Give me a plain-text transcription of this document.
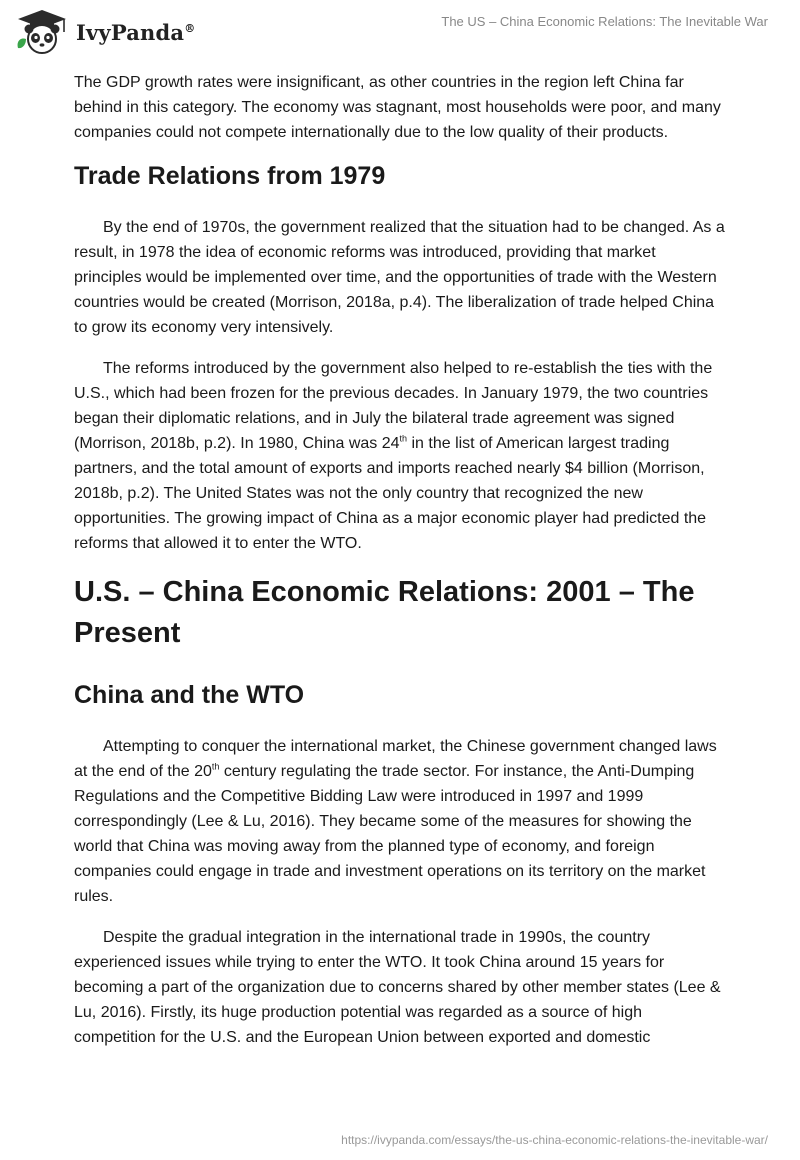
IvyPanda®	The US – China Economic Relations: The Inevitable War

The GDP growth rates were insignificant, as other countries in the region left China far behind in this category. The economy was stagnant, most households were poor, and many companies could not compete internationally due to the low quality of their products.

Trade Relations from 1979

By the end of 1970s, the government realized that the situation had to be changed. As a result, in 1978 the idea of economic reforms was introduced, providing that market principles would be implemented over time, and the opportunities of trade with the Western countries would be created (Morrison, 2018a, p.4). The liberalization of trade helped China to grow its economy very intensively.

The reforms introduced by the government also helped to re-establish the ties with the U.S., which had been frozen for the previous decades. In January 1979, the two countries began their diplomatic relations, and in July the bilateral trade agreement was signed (Morrison, 2018b, p.2). In 1980, China was 24th in the list of American largest trading partners, and the total amount of exports and imports reached nearly $4 billion (Morrison, 2018b, p.2). The United States was not the only country that recognized the new opportunities. The growing impact of China as a major economic player had predicted the reforms that allowed it to enter the WTO.

U.S. – China Economic Relations: 2001 – The Present
China and the WTO

Attempting to conquer the international market, the Chinese government changed laws at the end of the 20th century regulating the trade sector. For instance, the Anti-Dumping Regulations and the Competitive Bidding Law were introduced in 1997 and 1999 correspondingly (Lee & Lu, 2016). They became some of the measures for showing the world that China was moving away from the planned type of economy, and foreign companies could engage in trade and investment operations on its territory on the market rules.

Despite the gradual integration in the international trade in 1990s, the country experienced issues while trying to enter the WTO. It took China around 15 years for becoming a part of the organization due to concerns shared by other member states (Lee & Lu, 2016). Firstly, its huge production potential was regarded as a source of high competition for the U.S. and the European Union between exported and domestic

https://ivypanda.com/essays/the-us-china-economic-relations-the-inevitable-war/
